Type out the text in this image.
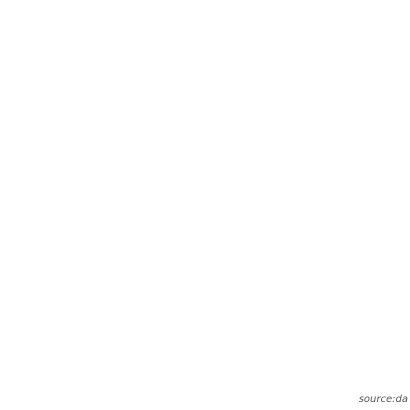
source:da
